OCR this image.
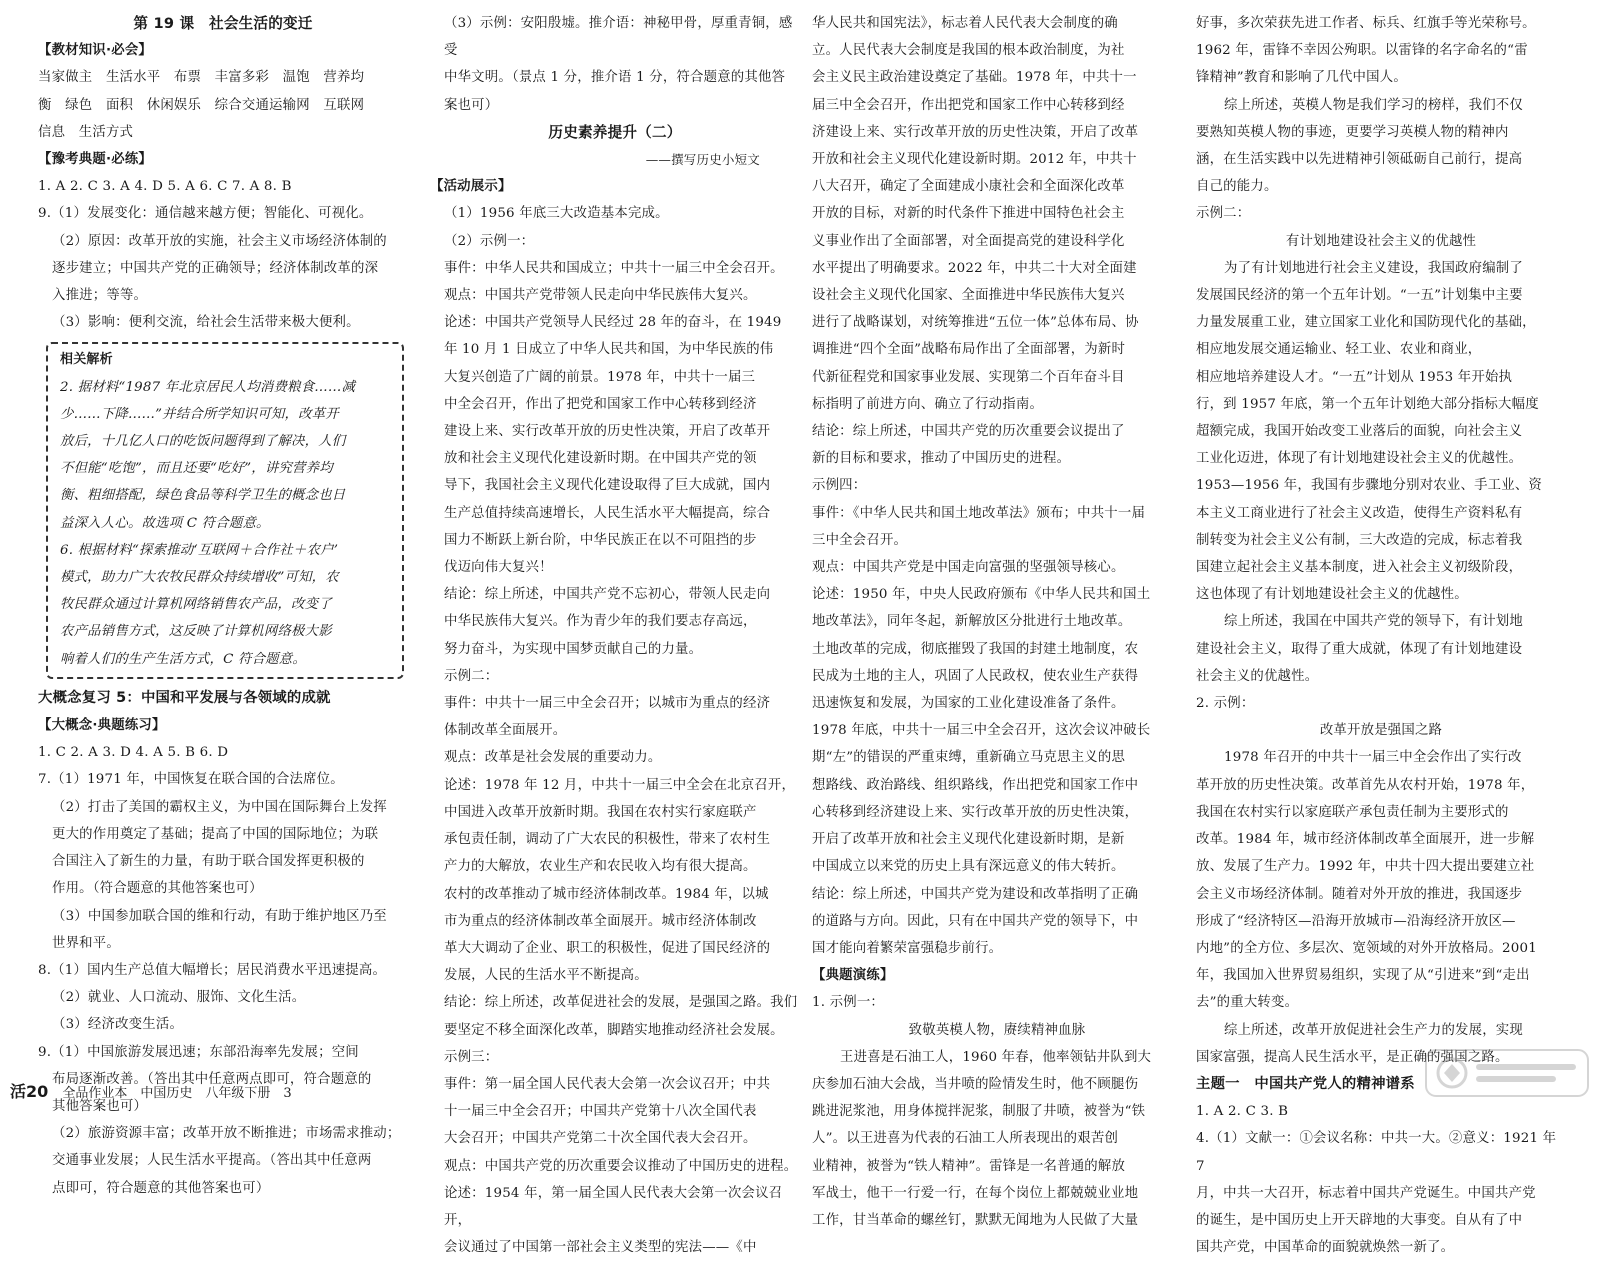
第 19 课　社会生活的变迁

【教材知识·必会】

当家做主　生活水平　布票　丰富多彩　温饱　营养均

衡　绿色　面积　休闲娱乐　综合交通运输网　互联网

信息　生活方式

【豫考典题·必练】

1. A 2. C 3. A 4. D 5. A 6. C 7. A 8. B

9.（1）发展变化：通信越来越方便；智能化、可视化。

（2）原因：改革开放的实施，社会主义市场经济体制的

逐步建立；中国共产党的正确领导；经济体制改革的深

入推进；等等。

（3）影响：便利交流，给社会生活带来极大便利。

相关解析

2. 据材料“1987 年北京居民人均消费粮食……减

少……下降……”并结合所学知识可知，改革开

放后，十几亿人口的吃饭问题得到了解决，人们

不但能“吃饱”，而且还要“吃好”，讲究营养均

衡、粗细搭配，绿色食品等科学卫生的概念也日

益深入人心。故选项 C 符合题意。

6. 根据材料“探索推动‘互联网＋合作社＋农户’

模式，助力广大农牧民群众持续增收”可知，农

牧民群众通过计算机网络销售农产品，改变了

农产品销售方式，这反映了计算机网络极大影

响着人们的生产生活方式，C 符合题意。

大概念复习 5：中国和平发展与各领域的成就

【大概念·典题练习】

1. C 2. A 3. D 4. A 5. B 6. D

7.（1）1971 年，中国恢复在联合国的合法席位。

（2）打击了美国的霸权主义，为中国在国际舞台上发挥

更大的作用奠定了基础；提高了中国的国际地位；为联

合国注入了新生的力量，有助于联合国发挥更积极的

作用。（符合题意的其他答案也可）

（3）中国参加联合国的维和行动，有助于维护地区乃至

世界和平。

8.（1）国内生产总值大幅增长；居民消费水平迅速提高。

（2）就业、人口流动、服饰、文化生活。

（3）经济改变生活。

9.（1）中国旅游发展迅速；东部沿海率先发展；空间

布局逐渐改善。（答出其中任意两点即可，符合题意的

其他答案也可）

（2）旅游资源丰富；改革开放不断推进；市场需求推动；

交通事业发展；人民生活水平提高。（答出其中任意两

点即可，符合题意的其他答案也可）

（3）示例：安阳殷墟。推介语：神秘甲骨，厚重青铜，感受

中华文明。（景点 1 分，推介语 1 分，符合题意的其他答

案也可）

历史素养提升（二）

——撰写历史小短文

【活动展示】

（1）1956 年底三大改造基本完成。

（2）示例一：

事件：中华人民共和国成立；中共十一届三中全会召开。

观点：中国共产党带领人民走向中华民族伟大复兴。

论述：中国共产党领导人民经过 28 年的奋斗，在 1949

年 10 月 1 日成立了中华人民共和国，为中华民族的伟

大复兴创造了广阔的前景。1978 年，中共十一届三

中全会召开，作出了把党和国家工作中心转移到经济

建设上来、实行改革开放的历史性决策，开启了改革开

放和社会主义现代化建设新时期。在中国共产党的领

导下，我国社会主义现代化建设取得了巨大成就，国内

生产总值持续高速增长，人民生活水平大幅提高，综合

国力不断跃上新台阶，中华民族正在以不可阻挡的步

伐迈向伟大复兴！

结论：综上所述，中国共产党不忘初心，带领人民走向

中华民族伟大复兴。作为青少年的我们要志存高远，

努力奋斗，为实现中国梦贡献自己的力量。

示例二：

事件：中共十一届三中全会召开；以城市为重点的经济

体制改革全面展开。

观点：改革是社会发展的重要动力。

论述：1978 年 12 月，中共十一届三中全会在北京召开，

中国进入改革开放新时期。我国在农村实行家庭联产

承包责任制，调动了广大农民的积极性，带来了农村生

产力的大解放，农业生产和农民收入均有很大提高。

农村的改革推动了城市经济体制改革。1984 年，以城

市为重点的经济体制改革全面展开。城市经济体制改

革大大调动了企业、职工的积极性，促进了国民经济的

发展，人民的生活水平不断提高。

结论：综上所述，改革促进社会的发展，是强国之路。我们

要坚定不移全面深化改革，脚踏实地推动经济社会发展。

示例三：

事件：第一届全国人民代表大会第一次会议召开；中共

十一届三中全会召开；中国共产党第十八次全国代表

大会召开；中国共产党第二十次全国代表大会召开。

观点：中国共产党的历次重要会议推动了中国历史的进程。

论述：1954 年，第一届全国人民代表大会第一次会议召开，

会议通过了中国第一部社会主义类型的宪法——《中

华人民共和国宪法》，标志着人民代表大会制度的确

立。人民代表大会制度是我国的根本政治制度，为社

会主义民主政治建设奠定了基础。1978 年，中共十一

届三中全会召开，作出把党和国家工作中心转移到经

济建设上来、实行改革开放的历史性决策，开启了改革

开放和社会主义现代化建设新时期。2012 年，中共十

八大召开，确定了全面建成小康社会和全面深化改革

开放的目标，对新的时代条件下推进中国特色社会主

义事业作出了全面部署，对全面提高党的建设科学化

水平提出了明确要求。2022 年，中共二十大对全面建

设社会主义现代化国家、全面推进中华民族伟大复兴

进行了战略谋划，对统筹推进“五位一体”总体布局、协

调推进“四个全面”战略布局作出了全面部署，为新时

代新征程党和国家事业发展、实现第二个百年奋斗目

标指明了前进方向、确立了行动指南。

结论：综上所述，中国共产党的历次重要会议提出了

新的目标和要求，推动了中国历史的进程。

示例四：

事件：《中华人民共和国土地改革法》颁布；中共十一届

三中全会召开。

观点：中国共产党是中国走向富强的坚强领导核心。

论述：1950 年，中央人民政府颁布《中华人民共和国土

地改革法》，同年冬起，新解放区分批进行土地改革。

土地改革的完成，彻底摧毁了我国的封建土地制度，农

民成为土地的主人，巩固了人民政权，使农业生产获得

迅速恢复和发展，为国家的工业化建设准备了条件。

1978 年底，中共十一届三中全会召开，这次会议冲破长

期“左”的错误的严重束缚，重新确立马克思主义的思

想路线、政治路线、组织路线，作出把党和国家工作中

心转移到经济建设上来、实行改革开放的历史性决策，

开启了改革开放和社会主义现代化建设新时期，是新

中国成立以来党的历史上具有深远意义的伟大转折。

结论：综上所述，中国共产党为建设和改革指明了正确

的道路与方向。因此，只有在中国共产党的领导下，中

国才能向着繁荣富强稳步前行。

【典题演练】

1. 示例一：

致敬英模人物，赓续精神血脉

王进喜是石油工人，1960 年春，他率领钻井队到大

庆参加石油大会战，当井喷的险情发生时，他不顾腿伤

跳进泥浆池，用身体搅拌泥浆，制服了井喷，被誉为“铁

人”。以王进喜为代表的石油工人所表现出的艰苦创

业精神，被誉为“铁人精神”。雷锋是一名普通的解放

军战士，他干一行爱一行，在每个岗位上都兢兢业业地

工作，甘当革命的螺丝钉，默默无闻地为人民做了大量

好事，多次荣获先进工作者、标兵、红旗手等光荣称号。

1962 年，雷锋不幸因公殉职。以雷锋的名字命名的“雷

锋精神”教育和影响了几代中国人。

综上所述，英模人物是我们学习的榜样，我们不仅

要熟知英模人物的事迹，更要学习英模人物的精神内

涵，在生活实践中以先进精神引领砥砺自己前行，提高

自己的能力。

示例二：

有计划地建设社会主义的优越性

为了有计划地进行社会主义建设，我国政府编制了

发展国民经济的第一个五年计划。“一五”计划集中主要

力量发展重工业，建立国家工业化和国防现代化的基础，

相应地发展交通运输业、轻工业、农业和商业，

相应地培养建设人才。“一五”计划从 1953 年开始执

行，到 1957 年底，第一个五年计划绝大部分指标大幅度

超额完成，我国开始改变工业落后的面貌，向社会主义

工业化迈进，体现了有计划地建设社会主义的优越性。

1953—1956 年，我国有步骤地分别对农业、手工业、资

本主义工商业进行了社会主义改造，使得生产资料私有

制转变为社会主义公有制，三大改造的完成，标志着我

国建立起社会主义基本制度，进入社会主义初级阶段，

这也体现了有计划地建设社会主义的优越性。

综上所述，我国在中国共产党的领导下，有计划地

建设社会主义，取得了重大成就，体现了有计划地建设

社会主义的优越性。

2. 示例：

改革开放是强国之路

1978 年召开的中共十一届三中全会作出了实行改

革开放的历史性决策。改革首先从农村开始，1978 年，

我国在农村实行以家庭联产承包责任制为主要形式的

改革。1984 年，城市经济体制改革全面展开，进一步解

放、发展了生产力。1992 年，中共十四大提出要建立社

会主义市场经济体制。随着对外开放的推进，我国逐步

形成了“经济特区—沿海开放城市—沿海经济开放区—

内地”的全方位、多层次、宽领域的对外开放格局。2001

年，我国加入世界贸易组织，实现了从“引进来”到“走出

去”的重大转变。

综上所述，改革开放促进社会生产力的发展，实现

国家富强，提高人民生活水平，是正确的强国之路。

主题一　中国共产党人的精神谱系

1. A 2. C 3. B

4.（1）文献一：①会议名称：中共一大。②意义：1921 年 7

月，中共一大召开，标志着中国共产党诞生。中国共产党

的诞生，是中国历史上开天辟地的大事变。自从有了中

国共产党，中国革命的面貌就焕然一新了。

活20 全品作业本　中国历史　八年级下册　3
